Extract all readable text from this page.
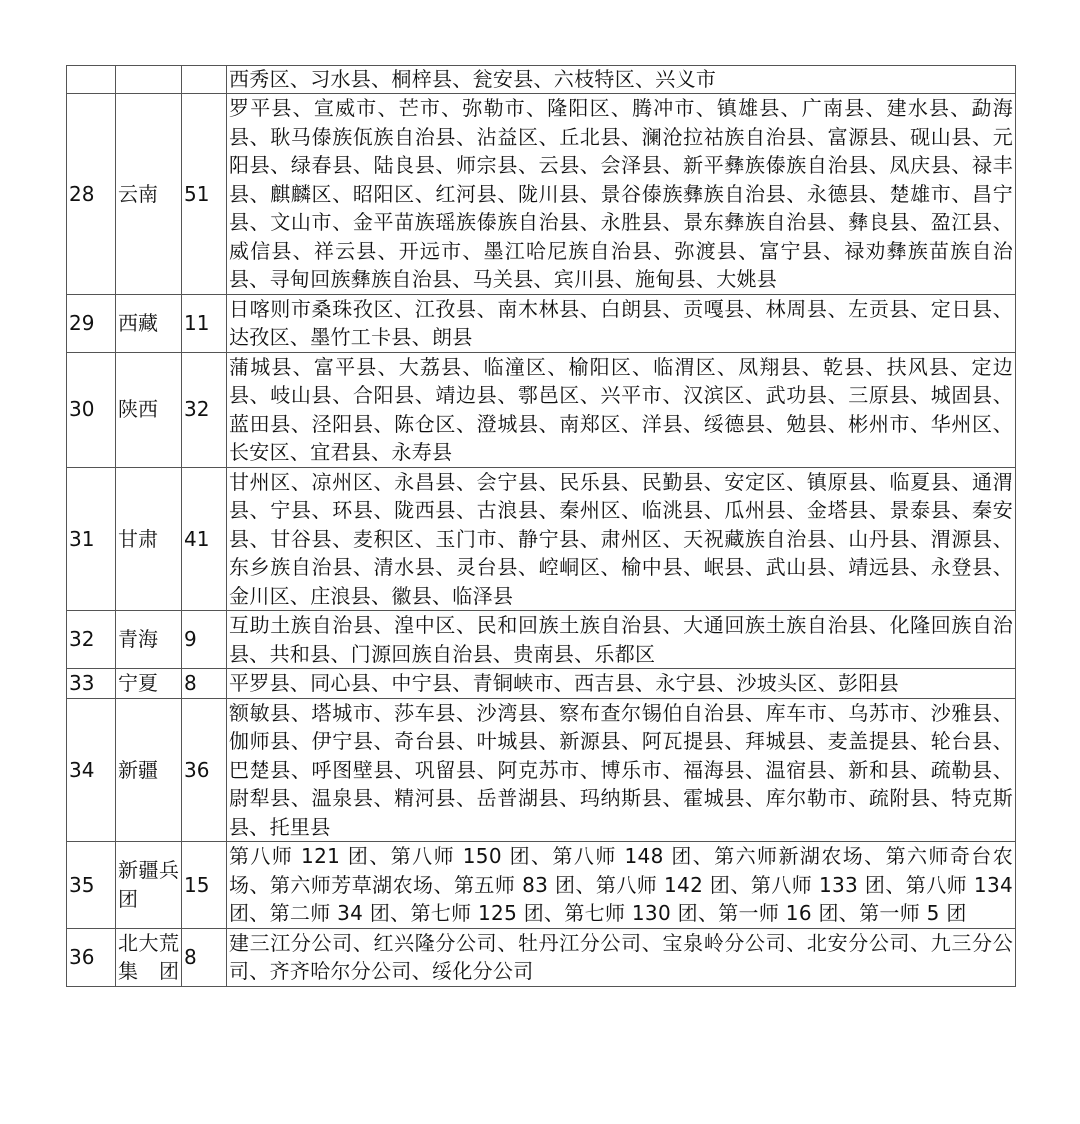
			西秀区、习水县、桐梓县、瓮安县、六枝特区、兴义市
28	云南	51	罗平县、宣威市、芒市、弥勒市、隆阳区、腾冲市、镇雄县、广南县、建水县、勐海县、耿马傣族佤族自治县、沾益区、丘北县、澜沧拉祜族自治县、富源县、砚山县、元阳县、绿春县、陆良县、师宗县、云县、会泽县、新平彝族傣族自治县、凤庆县、禄丰县、麒麟区、昭阳区、红河县、陇川县、景谷傣族彝族自治县、永德县、楚雄市、昌宁县、文山市、金平苗族瑶族傣族自治县、永胜县、景东彝族自治县、彝良县、盈江县、威信县、祥云县、开远市、墨江哈尼族自治县、弥渡县、富宁县、禄劝彝族苗族自治县、寻甸回族彝族自治县、马关县、宾川县、施甸县、大姚县
29	西藏	11	日喀则市桑珠孜区、江孜县、南木林县、白朗县、贡嘎县、林周县、左贡县、定日县、达孜区、墨竹工卡县、朗县
30	陕西	32	蒲城县、富平县、大荔县、临潼区、榆阳区、临渭区、凤翔县、乾县、扶风县、定边县、岐山县、合阳县、靖边县、鄠邑区、兴平市、汉滨区、武功县、三原县、城固县、蓝田县、泾阳县、陈仓区、澄城县、南郑区、洋县、绥德县、勉县、彬州市、华州区、长安区、宜君县、永寿县
31	甘肃	41	甘州区、凉州区、永昌县、会宁县、民乐县、民勤县、安定区、镇原县、临夏县、通渭县、宁县、环县、陇西县、古浪县、秦州区、临洮县、瓜州县、金塔县、景泰县、秦安县、甘谷县、麦积区、玉门市、静宁县、肃州区、天祝藏族自治县、山丹县、渭源县、东乡族自治县、清水县、灵台县、崆峒区、榆中县、岷县、武山县、靖远县、永登县、金川区、庄浪县、徽县、临泽县
32	青海	9	互助土族自治县、湟中区、民和回族土族自治县、大通回族土族自治县、化隆回族自治县、共和县、门源回族自治县、贵南县、乐都区
33	宁夏	8	平罗县、同心县、中宁县、青铜峡市、西吉县、永宁县、沙坡头区、彭阳县
34	新疆	36	额敏县、塔城市、莎车县、沙湾县、察布查尔锡伯自治县、库车市、乌苏市、沙雅县、伽师县、伊宁县、奇台县、叶城县、新源县、阿瓦提县、拜城县、麦盖提县、轮台县、巴楚县、呼图壁县、巩留县、阿克苏市、博乐市、福海县、温宿县、新和县、疏勒县、尉犁县、温泉县、精河县、岳普湖县、玛纳斯县、霍城县、库尔勒市、疏附县、特克斯县、托里县
35	新疆兵团	15	第八师 121 团、第八师 150 团、第八师 148 团、第六师新湖农场、第六师奇台农场、第六师芳草湖农场、第五师 83 团、第八师 142 团、第八师 133 团、第八师 134 团、第二师 34 团、第七师 125 团、第七师 130 团、第一师 16 团、第一师 5 团
36	北大荒集团	8	建三江分公司、红兴隆分公司、牡丹江分公司、宝泉岭分公司、北安分公司、九三分公司、齐齐哈尔分公司、绥化分公司
